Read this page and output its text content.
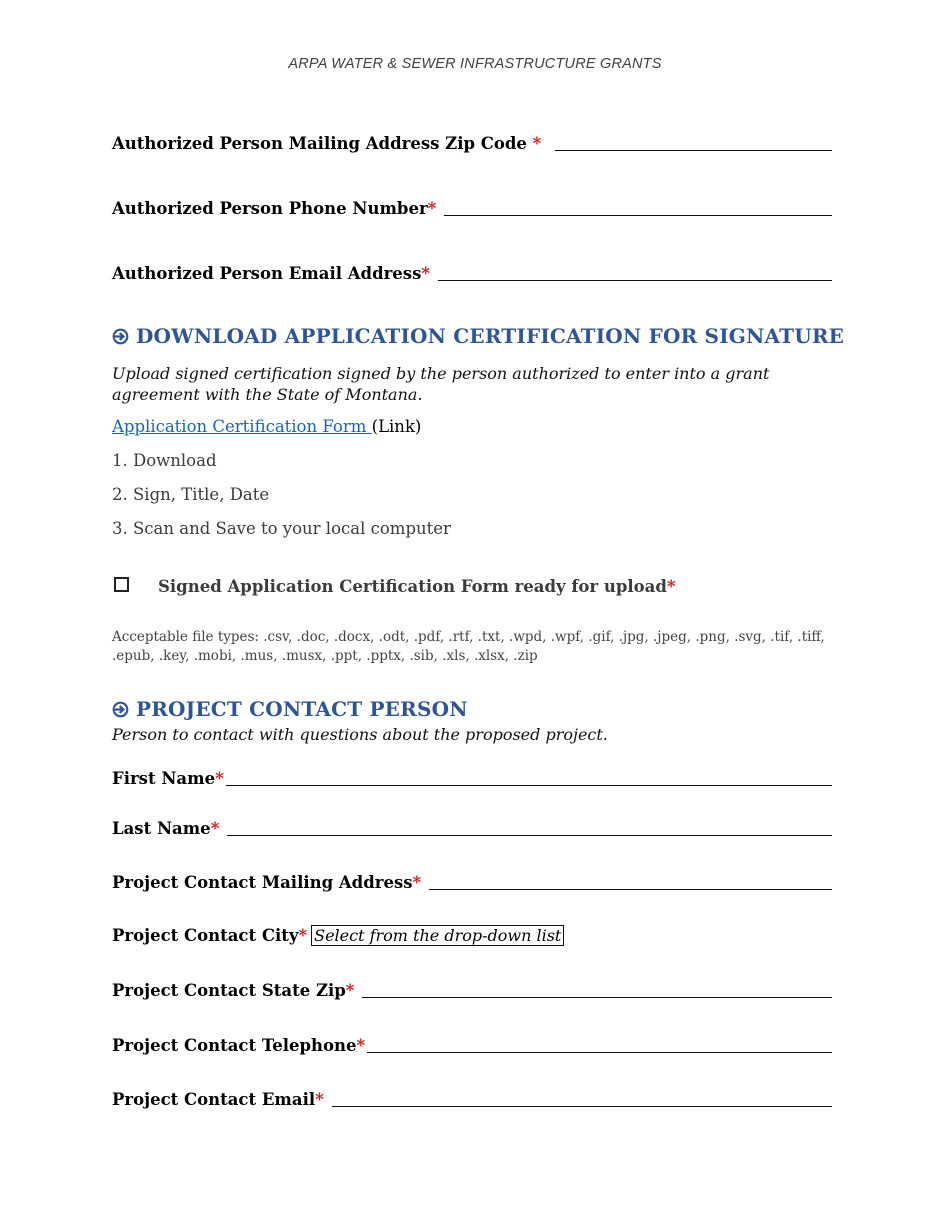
ARPA WATER & SEWER INFRASTRUCTURE GRANTS
Authorized Person Mailing Address Zip Code *
Authorized Person Phone Number*
Authorized Person Email Address*
DOWNLOAD APPLICATION CERTIFICATION FOR SIGNATURE
Upload signed certification signed by the person authorized to enter into a grant agreement with the State of Montana.
Application Certification Form (Link)
1. Download
2. Sign, Title, Date
3. Scan and Save to your local computer
Signed Application Certification Form ready for upload*
Acceptable file types: .csv, .doc, .docx, .odt, .pdf, .rtf, .txt, .wpd, .wpf, .gif, .jpg, .jpeg, .png, .svg, .tif, .tiff, .epub, .key, .mobi, .mus, .musx, .ppt, .pptx, .sib, .xls, .xlsx, .zip
PROJECT CONTACT PERSON
Person to contact with questions about the proposed project.
First Name*
Last Name*
Project Contact Mailing Address*
Project Contact City* Select from the drop-down list
Project Contact State Zip*
Project Contact Telephone*
Project Contact Email*
